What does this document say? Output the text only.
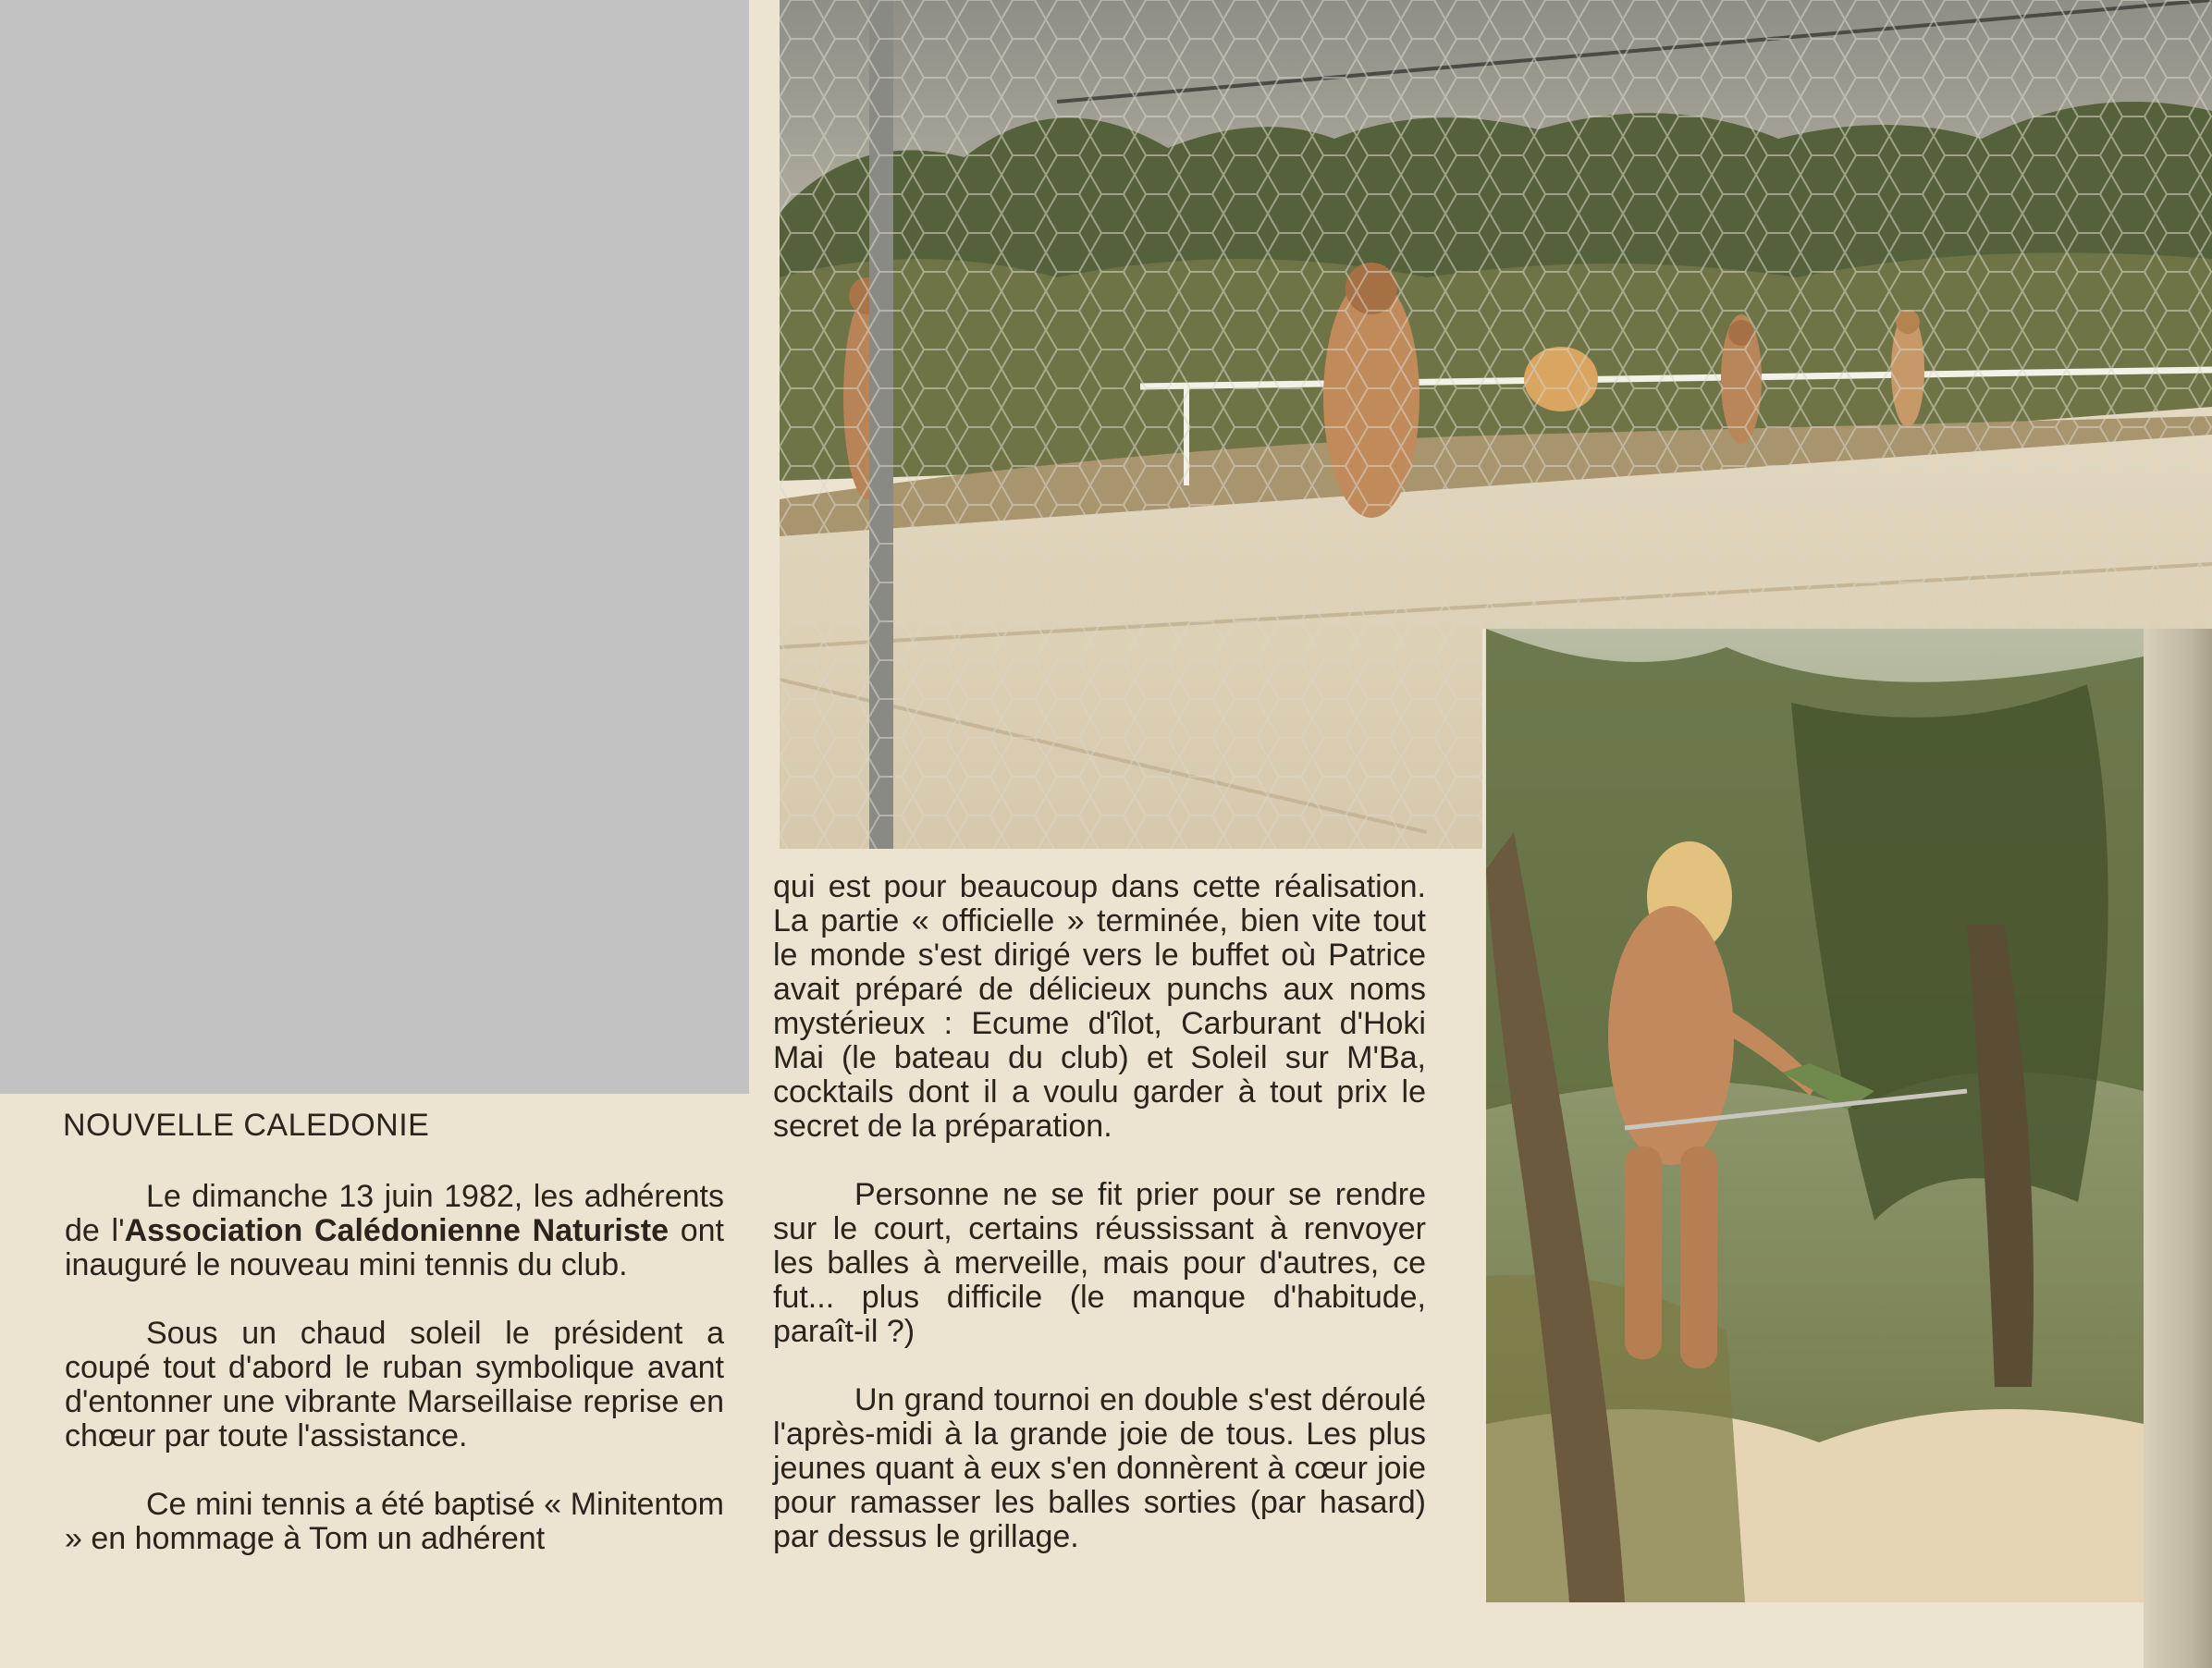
NOUVELLE CALEDONIE

Le dimanche 13 juin 1982, les adhérents de l'Association Calédonienne Naturiste ont inauguré le nouveau mini tennis du club.

Sous un chaud soleil le président a coupé tout d'abord le ruban symbolique avant d'entonner une vibrante Marseillaise reprise en chœur par toute l'assistance.

Ce mini tennis a été baptisé « Minitentom » en hommage à Tom un adhérent

qui est pour beaucoup dans cette réalisation. La partie « officielle » terminée, bien vite tout le monde s'est dirigé vers le buffet où Patrice avait préparé de délicieux punchs aux noms mystérieux : Ecume d'îlot, Carburant d'Hoki Mai (le bateau du club) et Soleil sur M'Ba, cocktails dont il a voulu garder à tout prix le secret de la préparation.

Personne ne se fit prier pour se rendre sur le court, certains réussissant à renvoyer les balles à merveille, mais pour d'autres, ce fut... plus difficile (le manque d'habitude, paraît-il ?)

Un grand tournoi en double s'est déroulé l'après-midi à la grande joie de tous. Les plus jeunes quant à eux s'en donnèrent à cœur joie pour ramasser les balles sorties (par hasard) par dessus le grillage.
